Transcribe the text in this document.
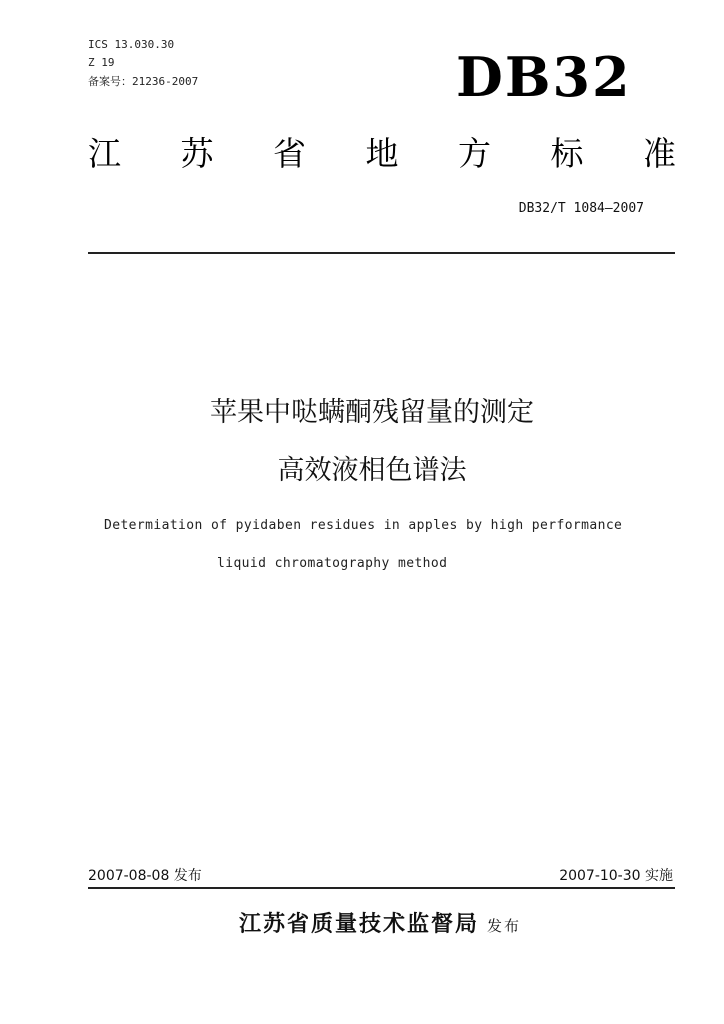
ICS 13.030.30
Z 19
备案号：21236-2007	DB32
江 苏 省 地 方 标 准
DB32/T 1084—2007
苹果中哒螨酮残留量的测定
高效液相色谱法
Determiation of pyidaben residues in apples by high performance
liquid chromatography method
2007-08-08 发布	2007-10-30 实施
江苏省质量技术监督局 发布
